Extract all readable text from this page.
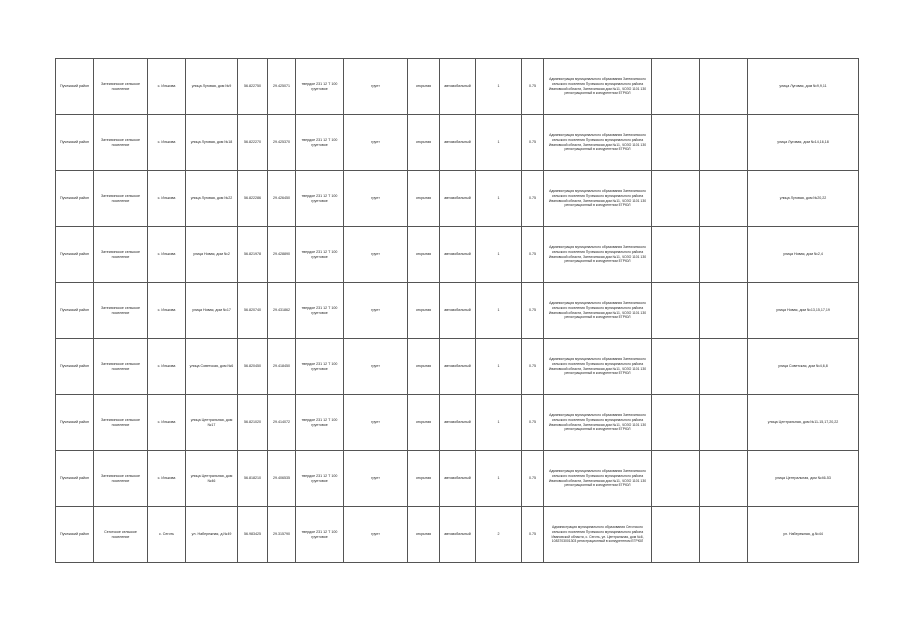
Пучежский район	Затеихинское сельское поселение	с. Илькова	улица Луговая, дом №9	56.822750	29.425071	твердое 231 12 Т 100 грунтовое	грунт	открытая	автомобильный	1	0.75	Администрация муниципального образования Затеихинского сельского поселения Пучежского муниципального района Ивановской области, Затеихинская дом №11, ЧОЗО 1101 130 регистрационный в конкурентном ЕГРЮЛ			улица Луговая, дом №9,9,11
Пучежский район	Затеихинское сельское поселение	с. Илькова	улица Луговая, дом №18	56.822270	29.425370	твердое 231 12 Т 100 грунтовое	грунт	открытая	автомобильный	1	0.75	Администрация муниципального образования Затеихинского сельского поселения Пучежского муниципального района Ивановской области, Затеихинская дом №11, ЧОЗО 1101 130 регистрационный в конкурентном ЕГРЮЛ			улица Луговая, дом №14,16,18
Пучежский район	Затеихинское сельское поселение	с. Илькова	улица Луговая, дом №22	56.822286	29.426450	твердое 231 12 Т 100 грунтовое	грунт	открытая	автомобильный	1	0.75	Администрация муниципального образования Затеихинского сельского поселения Пучежского муниципального района Ивановской области, Затеихинская дом №11, ЧОЗО 1101 130 регистрационный в конкурентном ЕГРЮЛ			улица Луговая, дом №20,22
Пучежский район	Затеихинское сельское поселение	с. Илькова	улица Новая, дом №2	56.821978	29.428890	твердое 231 12 Т 100 грунтовое	грунт	открытая	автомобильный	1	0.75	Администрация муниципального образования Затеихинского сельского поселения Пучежского муниципального района Ивановской области, Затеихинская дом №11, ЧОЗО 1101 130 регистрационный в конкурентном ЕГРЮЛ			улица Новая, дом №2,4
Пучежский район	Затеихинское сельское поселение	с. Илькова	улица Новая, дом №17	56.820740	29.431862	твердое 231 12 Т 100 грунтовое	грунт	открытая	автомобильный	1	0.75	Администрация муниципального образования Затеихинского сельского поселения Пучежского муниципального района Ивановской области, Затеихинская дом №11, ЧОЗО 1101 130 регистрационный в конкурентном ЕГРЮЛ			улица Новая, дом №13,15,17,19
Пучежский район	Затеихинское сельское поселение	с. Илькова	улица Советская, дом №6	56.820450	29.418450	твердое 231 12 Т 100 грунтовое	грунт	открытая	автомобильный	1	0.75	Администрация муниципального образования Затеихинского сельского поселения Пучежского муниципального района Ивановской области, Затеихинская дом №11, ЧОЗО 1101 130 регистрационный в конкурентном ЕГРЮЛ			улица Советская, дом №4,6,8
Пучежский район	Затеихинское сельское поселение	с. Илькова	улица Центральная, дом №17	56.821020	29.414072	твердое 231 12 Т 100 грунтовое	грунт	открытая	автомобильный	1	0.75	Администрация муниципального образования Затеихинского сельского поселения Пучежского муниципального района Ивановской области, Затеихинская дом №11, ЧОЗО 1101 130 регистрационный в конкурентном ЕГРЮЛ			улица Центральная, дом №11-15,17,20,22
Пучежский район	Затеихинское сельское поселение	с. Илькова	улица Центральная, дом №46	56.818210	29.406535	твердое 231 12 Т 100 грунтовое	грунт	открытая	автомобильный	1	0.75	Администрация муниципального образования Затеихинского сельского поселения Пучежского муниципального района Ивановской области, Затеихинская дом №11, ЧОЗО 1101 130 регистрационный в конкурентном ЕГРЮЛ			улица Центральная, дом №46-53
Пучежский район	Сеготское сельское поселение	с. Сеготь	ул. Набережная, д.№49	56.983425	29.315790	твердое 231 12 Т 100 грунтовое	грунт	открытая	автомобильный	2	0.75	Администрация муниципального образования Сеготского сельского поселения Пучежского муниципального района Ивановской области, с. Сеготь, ул. Центральная, дом №6, 1083703001303 регистрационный в конкурентном ЕГРЮЛ			ул. Набережная, д.№44
